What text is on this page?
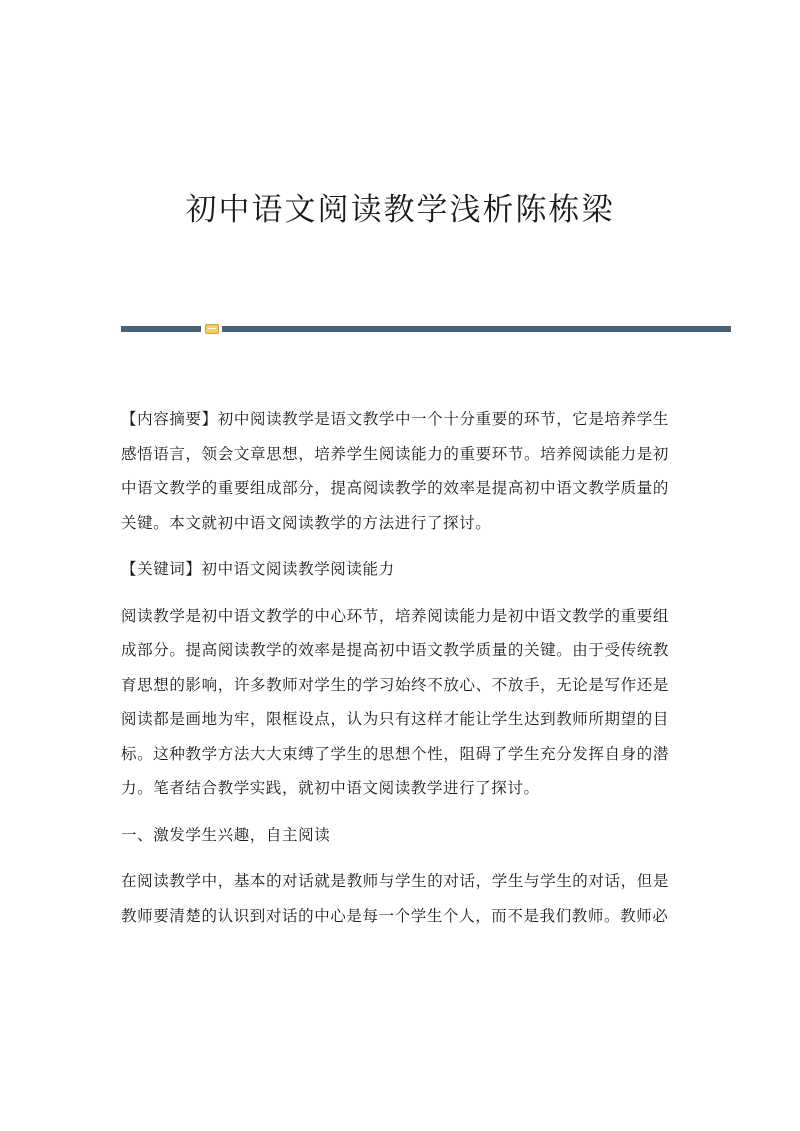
初中语文阅读教学浅析陈栋梁

【内容摘要】初中阅读教学是语文教学中一个十分重要的环节，它是培养学生感悟语言，领会文章思想，培养学生阅读能力的重要环节。培养阅读能力是初中语文教学的重要组成部分，提高阅读教学的效率是提高初中语文教学质量的关键。本文就初中语文阅读教学的方法进行了探讨。

【关键词】初中语文阅读教学阅读能力

阅读教学是初中语文教学的中心环节，培养阅读能力是初中语文教学的重要组成部分。提高阅读教学的效率是提高初中语文教学质量的关键。由于受传统教育思想的影响，许多教师对学生的学习始终不放心、不放手，无论是写作还是阅读都是画地为牢，限框设点，认为只有这样才能让学生达到教师所期望的目标。这种教学方法大大束缚了学生的思想个性，阻碍了学生充分发挥自身的潜力。笔者结合教学实践，就初中语文阅读教学进行了探讨。

一、激发学生兴趣，自主阅读

在阅读教学中，基本的对话就是教师与学生的对话，学生与学生的对话，但是教师要清楚的认识到对话的中心是每一个学生个人，而不是我们教师。教师必
